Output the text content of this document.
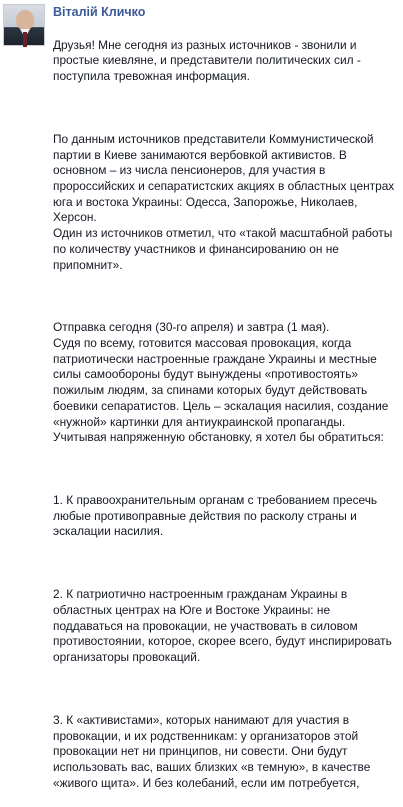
Віталій Кличко

Друзья! Мне сегодня из разных источников - звонили и простые киевляне, и представители политических сил - поступила тревожная информация.

По данным источников представители Коммунистической партии в Киеве занимаются вербовкой активистов. В основном – из числа пенсионеров, для участия в пророссийских и сепаратистских акциях в областных центрах юга и востока Украины: Одесса, Запорожье, Николаев, Херсон.
Один из источников отметил, что «такой масштабной работы по количеству участников и финансированию он не припомнит».

Отправка сегодня (30-го апреля) и завтра (1 мая).
Судя по всему, готовится массовая провокация, когда патриотически настроенные граждане Украины и местные силы самообороны будут вынуждены «противостоять» пожилым людям, за спинами которых будут действовать боевики сепаратистов. Цель – эскалация насилия, создание «нужной» картинки для антиукраинской пропаганды.
Учитывая напряженную обстановку, я хотел бы обратиться:

1. К правоохранительным органам с требованием пресечь любые противоправные действия по расколу страны и эскалации насилия.

2. К патриотично настроенным гражданам Украины в областных центрах на Юге и Востоке Украины: не поддаваться на провокации, не участвовать в силовом противостоянии, которое, скорее всего, будут инспирировать организаторы провокаций.

3. К «активистами», которых нанимают для участия в провокации, и их родственникам: у организаторов этой провокации нет ни принципов, ни совести. Они будут использовать вас, ваших близких «в темную», в качестве «живого щита». И без колебаний, если им потребуется,
